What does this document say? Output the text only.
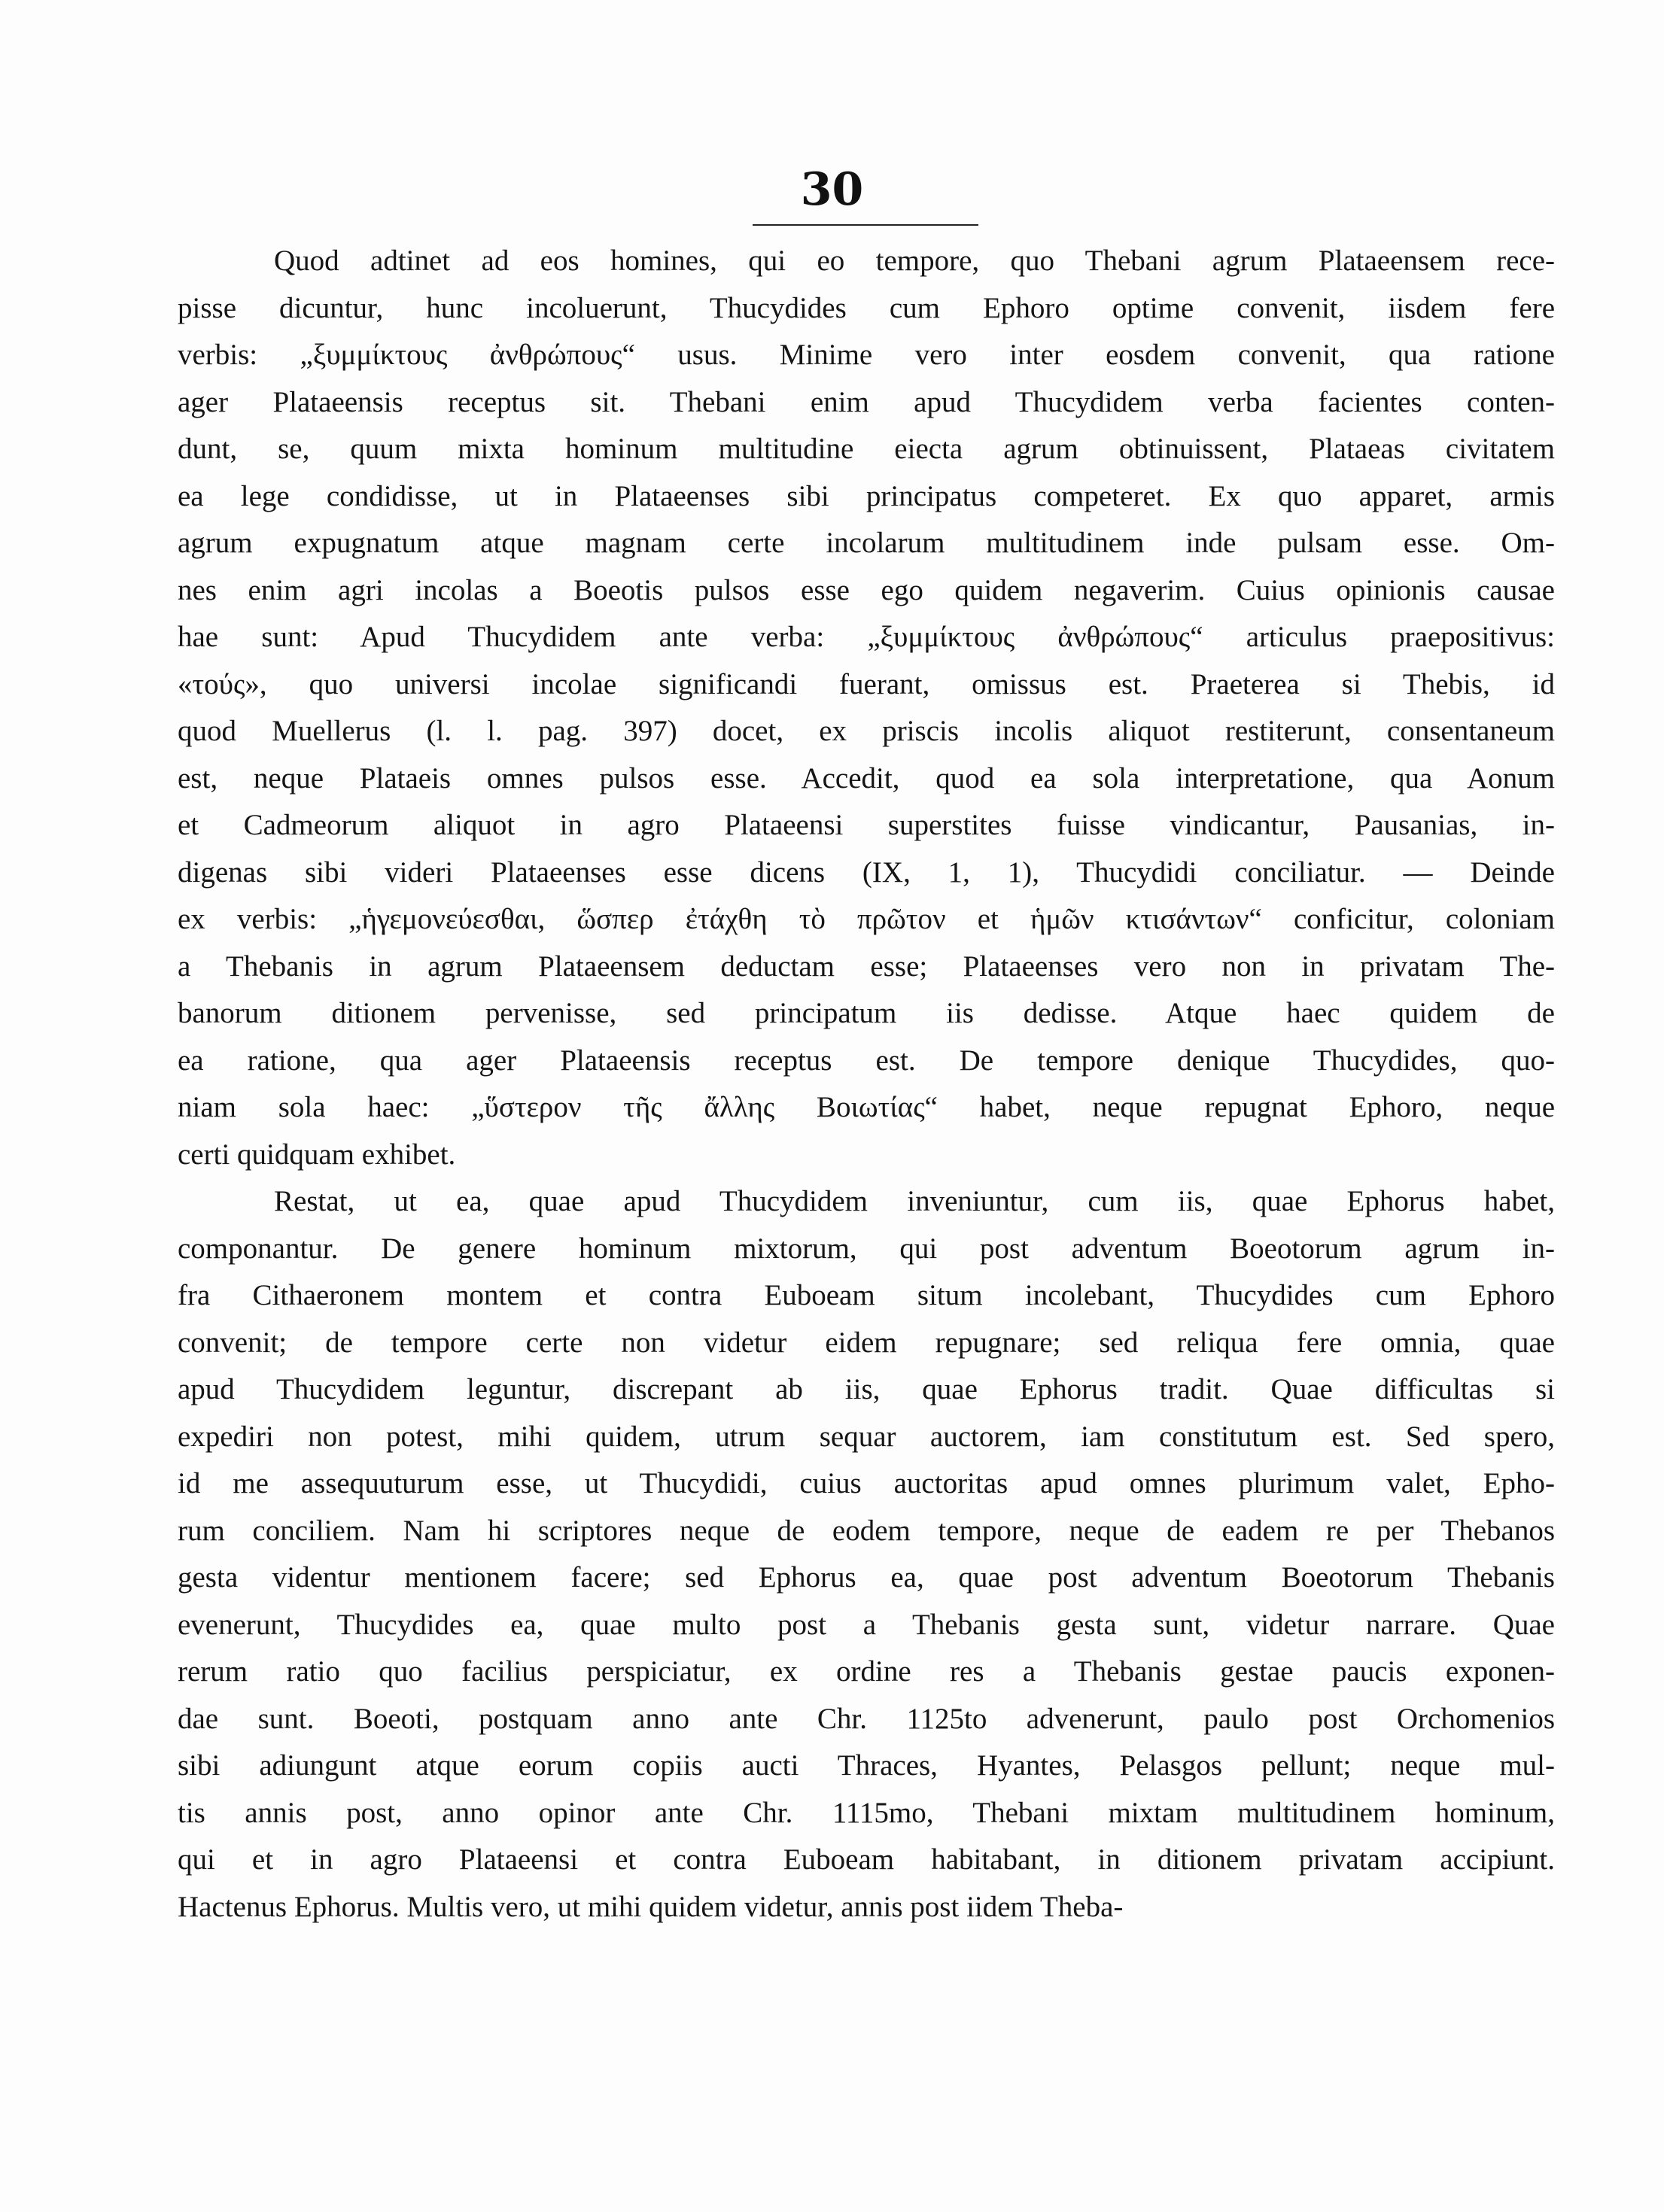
30

Quod adtinet ad eos homines, qui eo tempore, quo Thebani agrum Plataeensem rece-
pisse dicuntur, hunc incoluerunt, Thucydides cum Ephoro optime convenit, iisdem fere
verbis: „ξυμμίκτους ἀνθρώπους“ usus. Minime vero inter eosdem convenit, qua ratione
ager Plataeensis receptus sit. Thebani enim apud Thucydidem verba facientes conten-
dunt, se, quum mixta hominum multitudine eiecta agrum obtinuissent, Plataeas civitatem
ea lege condidisse, ut in Plataeenses sibi principatus competeret. Ex quo apparet, armis
agrum expugnatum atque magnam certe incolarum multitudinem inde pulsam esse. Om-
nes enim agri incolas a Boeotis pulsos esse ego quidem negaverim. Cuius opinionis causae
hae sunt: Apud Thucydidem ante verba: „ξυμμίκτους ἀνθρώπους“ articulus praepositivus:
«τούς», quo universi incolae significandi fuerant, omissus est. Praeterea si Thebis, id
quod Muellerus (l. l. pag. 397) docet, ex priscis incolis aliquot restiterunt, consentaneum
est, neque Plataeis omnes pulsos esse. Accedit, quod ea sola interpretatione, qua Aonum
et Cadmeorum aliquot in agro Plataeensi superstites fuisse vindicantur, Pausanias, in-
digenas sibi videri Plataeenses esse dicens (IX, 1, 1), Thucydidi conciliatur. — Deinde
ex verbis: „ἡγεμονεύεσθαι, ὥσπερ ἐτάχθη τὸ πρῶτον et ἡμῶν κτισάντων“ conficitur, coloniam
a Thebanis in agrum Plataeensem deductam esse; Plataeenses vero non in privatam The-
banorum ditionem pervenisse, sed principatum iis dedisse. Atque haec quidem de
ea ratione, qua ager Plataeensis receptus est. De tempore denique Thucydides, quo-
niam sola haec: „ὕστερον τῆς ἄλλης Βοιωτίας“ habet, neque repugnat Ephoro, neque
certi quidquam exhibet.

Restat, ut ea, quae apud Thucydidem inveniuntur, cum iis, quae Ephorus habet,
componantur. De genere hominum mixtorum, qui post adventum Boeotorum agrum in-
fra Cithaeronem montem et contra Euboeam situm incolebant, Thucydides cum Ephoro
convenit; de tempore certe non videtur eidem repugnare; sed reliqua fere omnia, quae
apud Thucydidem leguntur, discrepant ab iis, quae Ephorus tradit. Quae difficultas si
expediri non potest, mihi quidem, utrum sequar auctorem, iam constitutum est. Sed spero,
id me assequuturum esse, ut Thucydidi, cuius auctoritas apud omnes plurimum valet, Epho-
rum conciliem. Nam hi scriptores neque de eodem tempore, neque de eadem re per Thebanos
gesta videntur mentionem facere; sed Ephorus ea, quae post adventum Boeotorum Thebanis
evenerunt, Thucydides ea, quae multo post a Thebanis gesta sunt, videtur narrare. Quae
rerum ratio quo facilius perspiciatur, ex ordine res a Thebanis gestae paucis exponen-
dae sunt. Boeoti, postquam anno ante Chr. 1125to advenerunt, paulo post Orchomenios
sibi adiungunt atque eorum copiis aucti Thraces, Hyantes, Pelasgos pellunt; neque mul-
tis annis post, anno opinor ante Chr. 1115mo, Thebani mixtam multitudinem hominum,
qui et in agro Plataeensi et contra Euboeam habitabant, in ditionem privatam accipiunt.
Hactenus Ephorus. Multis vero, ut mihi quidem videtur, annis post iidem Theba-
